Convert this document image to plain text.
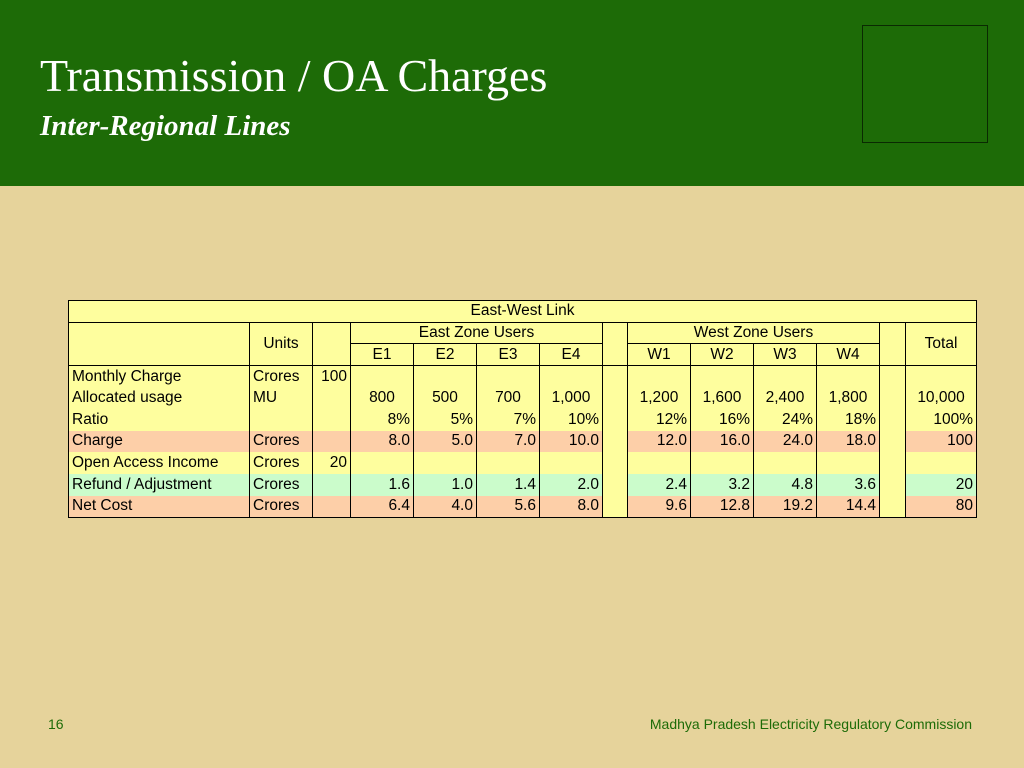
Transmission / OA Charges
Inter-Regional Lines
East-West Link													
	Units		East Zone Users					West Zone Users					Total
			E1	E2	E3	E4		W1	W2	W3	W4		
Monthly Charge	Crores	100											
Allocated usage	MU		800	500	700	1,000		1,200	1,600	2,400	1,800		10,000
Ratio			8%	5%	7%	10%		12%	16%	24%	18%		100%
Charge	Crores		8.0	5.0	7.0	10.0		12.0	16.0	24.0	18.0		100
Open Access Income	Crores	20											
Refund / Adjustment	Crores		1.6	1.0	1.4	2.0		2.4	3.2	4.8	3.6		20
Net Cost	Crores		6.4	4.0	5.6	8.0		9.6	12.8	19.2	14.4		80
16	Madhya Pradesh Electricity Regulatory Commission
